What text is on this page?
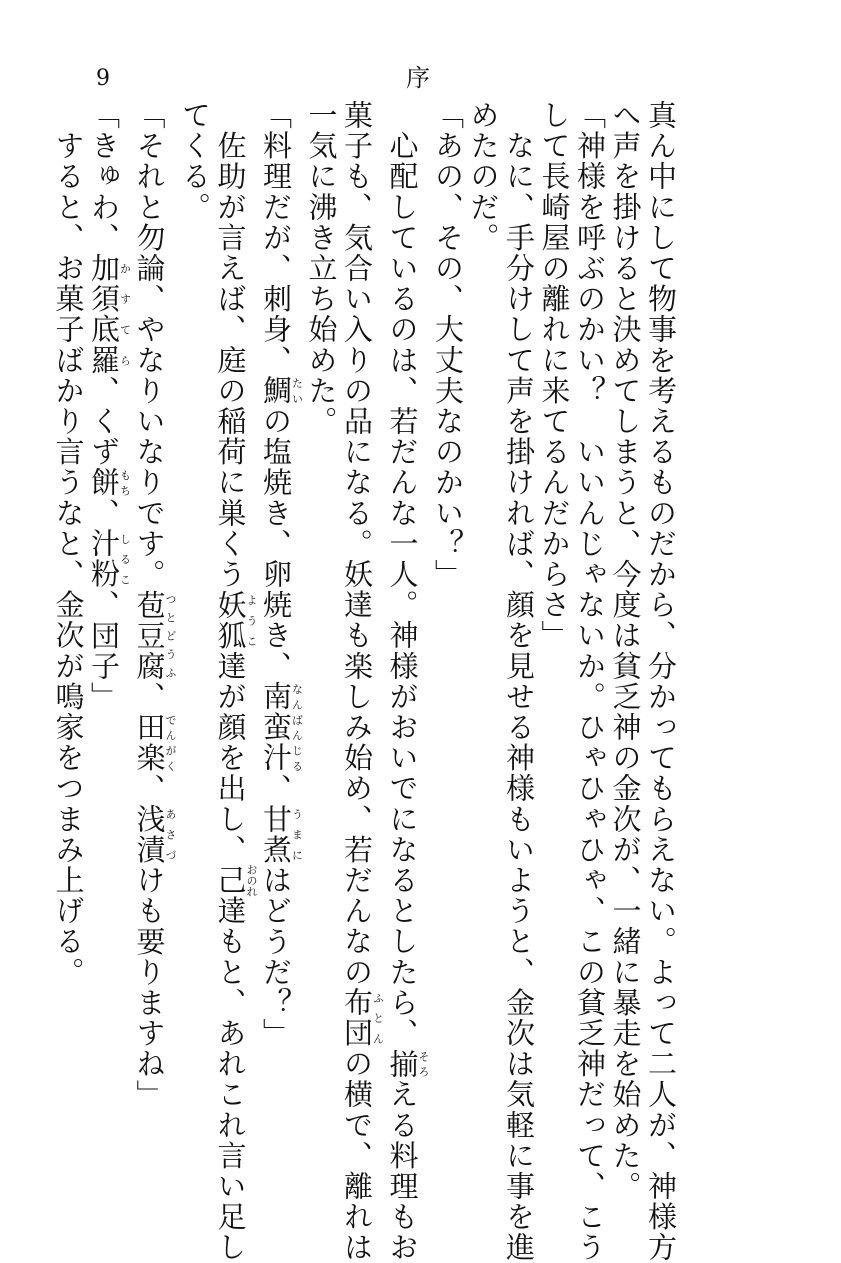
9	序
真ん中にして物事を考えるものだから、分かってもらえない。よって二人が、神様方
へ声を掛けると決めてしまうと、今度は貧乏神の金次が、一緒に暴走を始めた。
「神様を呼ぶのかい？　いいんじゃないか。ひゃひゃひゃ、この貧乏神だって、こう
して長崎屋の離れに来てるんだからさ」
　なに、手分けして声を掛ければ、顔を見せる神様もいようと、金次は気軽に事を進
めたのだ。
「あの、その、大丈夫なのかい？」
　心配しているのは、若だんな一人。神様がおいでになるとしたら、揃そろえる料理もお
菓子も、気合い入りの品になる。妖達も楽しみ始め、若だんなの布団ふとんの横で、離れは
一気に沸き立ち始めた。
「料理だが、刺身、鯛たいの塩焼き、卵焼き、南蛮汁なんばんじる、甘煮うまにはどうだ？」
　佐助が言えば、庭の稲荷に巣くう妖狐ようこ達が顔を出し、己おのれ達もと、あれこれ言い足し
てくる。
「それと勿論、やなりいなりです。苞豆腐つとどうふ、田楽でんがく、浅漬あさづけも要りますね」
「きゅわ、加須底羅かすてら、くず餅もち、汁粉しるこ、団子」
　すると、お菓子ばかり言うなと、金次が鳴家をつまみ上げる。
